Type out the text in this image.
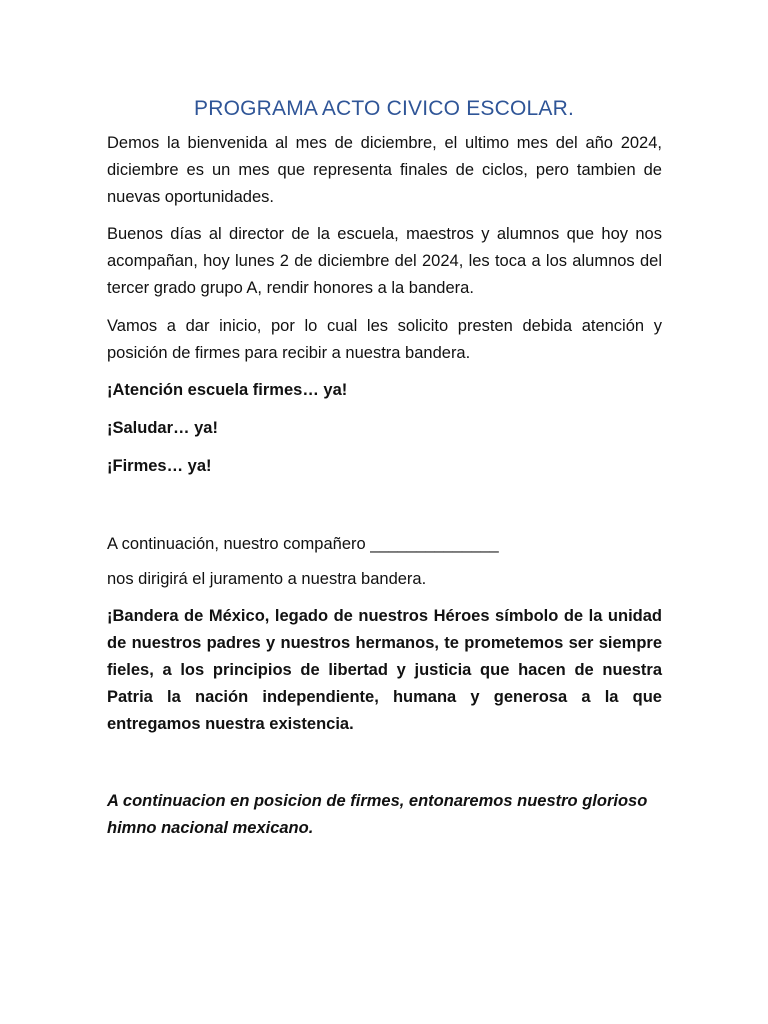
PROGRAMA ACTO CIVICO ESCOLAR.

Demos la bienvenida al mes de diciembre, el ultimo mes del año 2024, diciembre es un mes que representa finales de ciclos, pero tambien de nuevas oportunidades.

Buenos días al director de la escuela, maestros y alumnos que hoy nos acompañan, hoy lunes 2 de diciembre del 2024, les toca a los alumnos del tercer grado grupo A, rendir honores a la bandera.

Vamos a dar inicio, por lo cual les solicito presten debida atención y posición de firmes para recibir a nuestra bandera.

¡Atención escuela firmes… ya!

¡Saludar… ya!

¡Firmes… ya!

A continuación, nuestro compañero ______________

nos dirigirá el juramento a nuestra bandera.

¡Bandera de México, legado de nuestros Héroes símbolo de la unidad de nuestros padres y nuestros hermanos, te prometemos ser siempre fieles, a los principios de libertad y justicia que hacen de nuestra Patria la nación independiente, humana y generosa a la que entregamos nuestra existencia.

A continuacion en posicion de firmes, entonaremos nuestro glorioso himno nacional mexicano.
